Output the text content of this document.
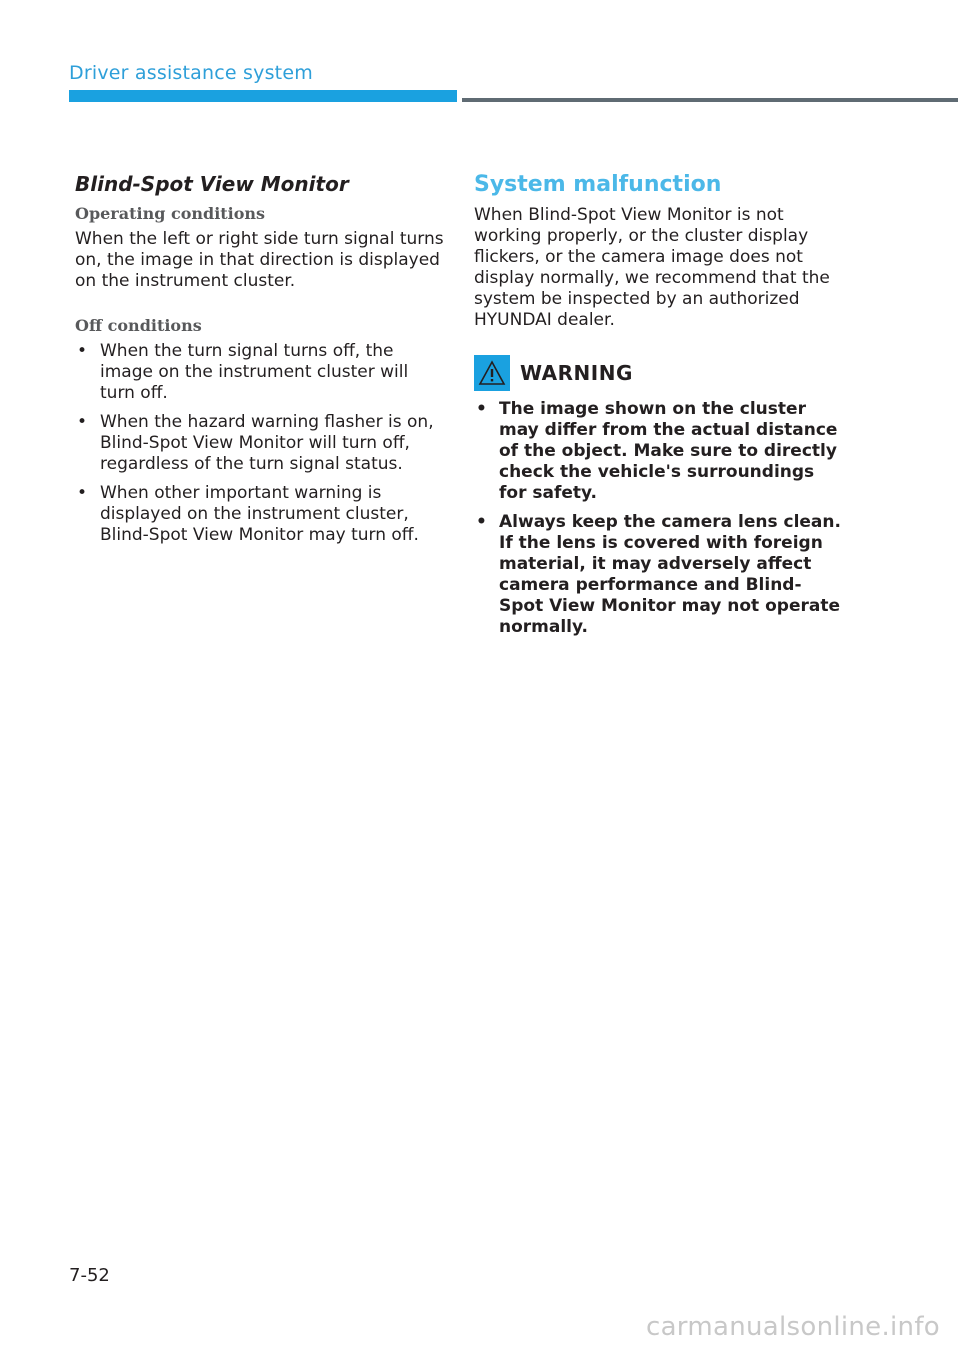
Driver assistance system
Blind-Spot View Monitor
Operating conditions

When the left or right side turn signal turns on, the image in that direction is displayed on the instrument cluster.

Off conditions
• When the turn signal turns off, the image on the instrument cluster will turn off.
• When the hazard warning flasher is on, Blind-Spot View Monitor will turn off, regardless of the turn signal status.
• When other important warning is displayed on the instrument cluster, Blind-Spot View Monitor may turn off.
System malfunction

When Blind-Spot View Monitor is not working properly, or the cluster display flickers, or the camera image does not display normally, we recommend that the system be inspected by an authorized HYUNDAI dealer.

WARNING
• The image shown on the cluster may differ from the actual distance of the object. Make sure to directly check the vehicle's surroundings for safety.
• Always keep the camera lens clean. If the lens is covered with foreign material, it may adversely affect camera performance and Blind-Spot View Monitor may not operate normally.
7-52
carmanualsonline.info
